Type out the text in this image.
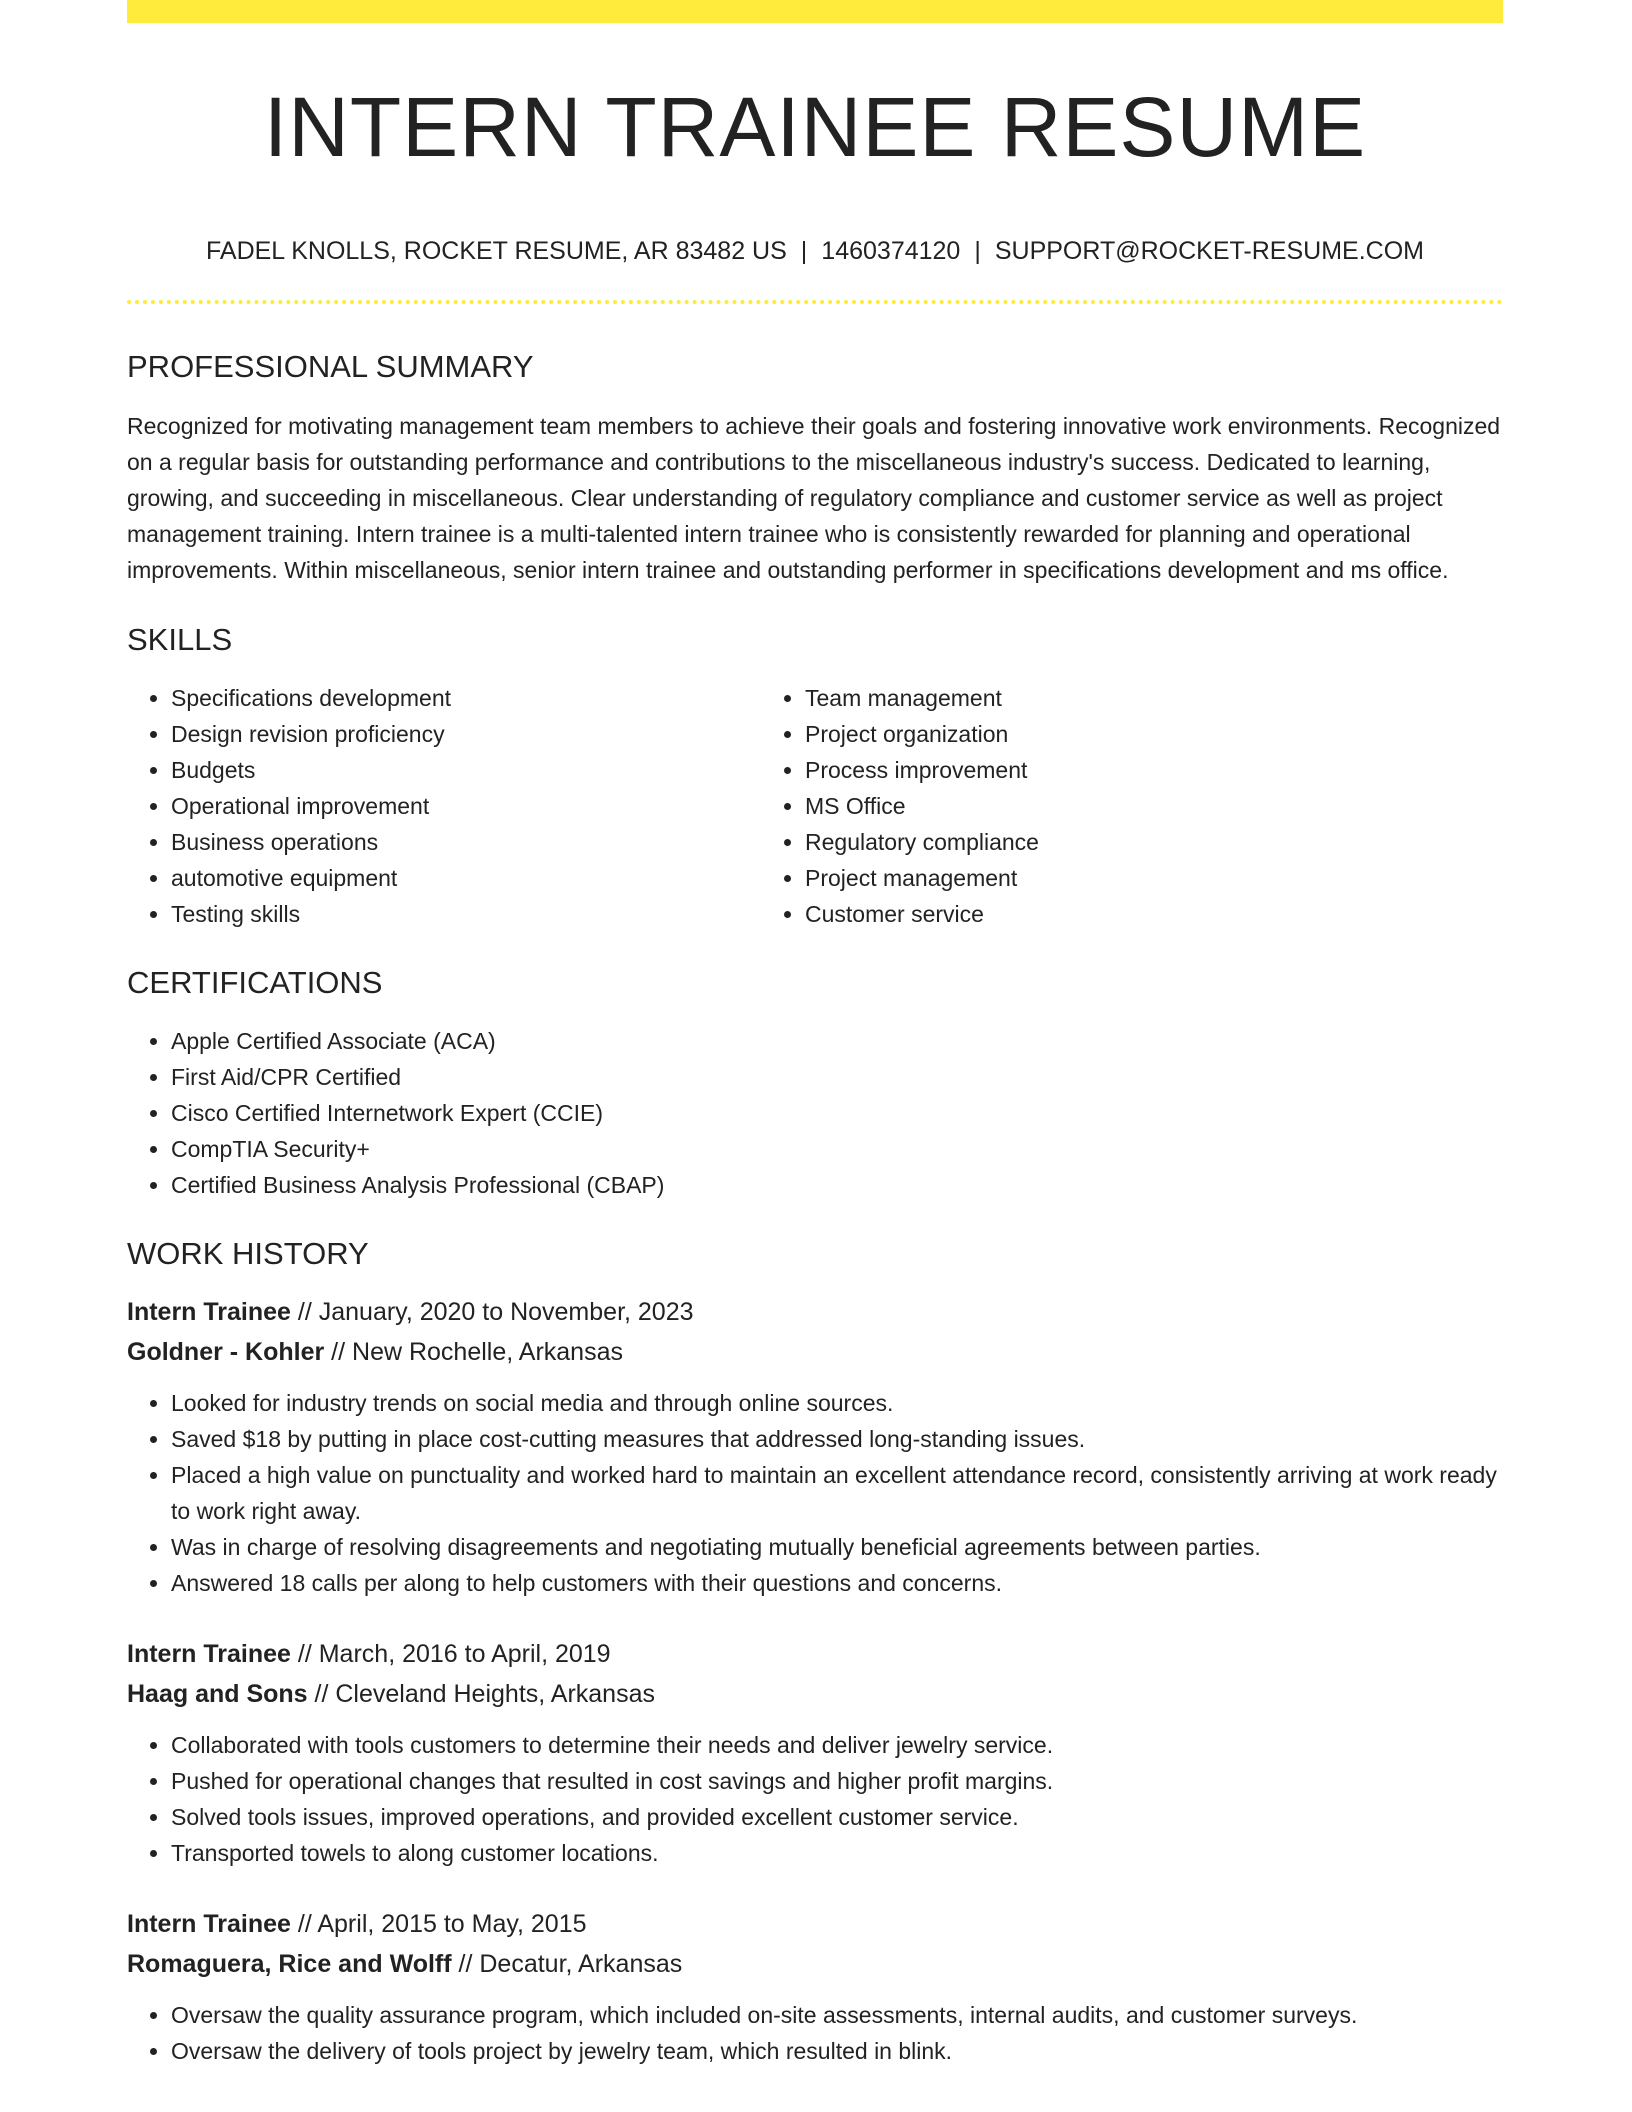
INTERN TRAINEE RESUME
FADEL KNOLLS, ROCKET RESUME, AR 83482 US | 1460374120 | SUPPORT@ROCKET-RESUME.COM
PROFESSIONAL SUMMARY
Recognized for motivating management team members to achieve their goals and fostering innovative work environments. Recognized on a regular basis for outstanding performance and contributions to the miscellaneous industry's success. Dedicated to learning, growing, and succeeding in miscellaneous. Clear understanding of regulatory compliance and customer service as well as project management training. Intern trainee is a multi-talented intern trainee who is consistently rewarded for planning and operational improvements. Within miscellaneous, senior intern trainee and outstanding performer in specifications development and ms office.
SKILLS
• Specifications development
• Design revision proficiency
• Budgets
• Operational improvement
• Business operations
• automotive equipment
• Testing skills
• Team management
• Project organization
• Process improvement
• MS Office
• Regulatory compliance
• Project management
• Customer service
CERTIFICATIONS
• Apple Certified Associate (ACA)
• First Aid/CPR Certified
• Cisco Certified Internetwork Expert (CCIE)
• CompTIA Security+
• Certified Business Analysis Professional (CBAP)
WORK HISTORY
Intern Trainee // January, 2020 to November, 2023
Goldner - Kohler // New Rochelle, Arkansas
• Looked for industry trends on social media and through online sources.
• Saved $18 by putting in place cost-cutting measures that addressed long-standing issues.
• Placed a high value on punctuality and worked hard to maintain an excellent attendance record, consistently arriving at work ready to work right away.
• Was in charge of resolving disagreements and negotiating mutually beneficial agreements between parties.
• Answered 18 calls per along to help customers with their questions and concerns.
Intern Trainee // March, 2016 to April, 2019
Haag and Sons // Cleveland Heights, Arkansas
• Collaborated with tools customers to determine their needs and deliver jewelry service.
• Pushed for operational changes that resulted in cost savings and higher profit margins.
• Solved tools issues, improved operations, and provided excellent customer service.
• Transported towels to along customer locations.
Intern Trainee // April, 2015 to May, 2015
Romaguera, Rice and Wolff // Decatur, Arkansas
• Oversaw the quality assurance program, which included on-site assessments, internal audits, and customer surveys.
• Oversaw the delivery of tools project by jewelry team, which resulted in blink.
